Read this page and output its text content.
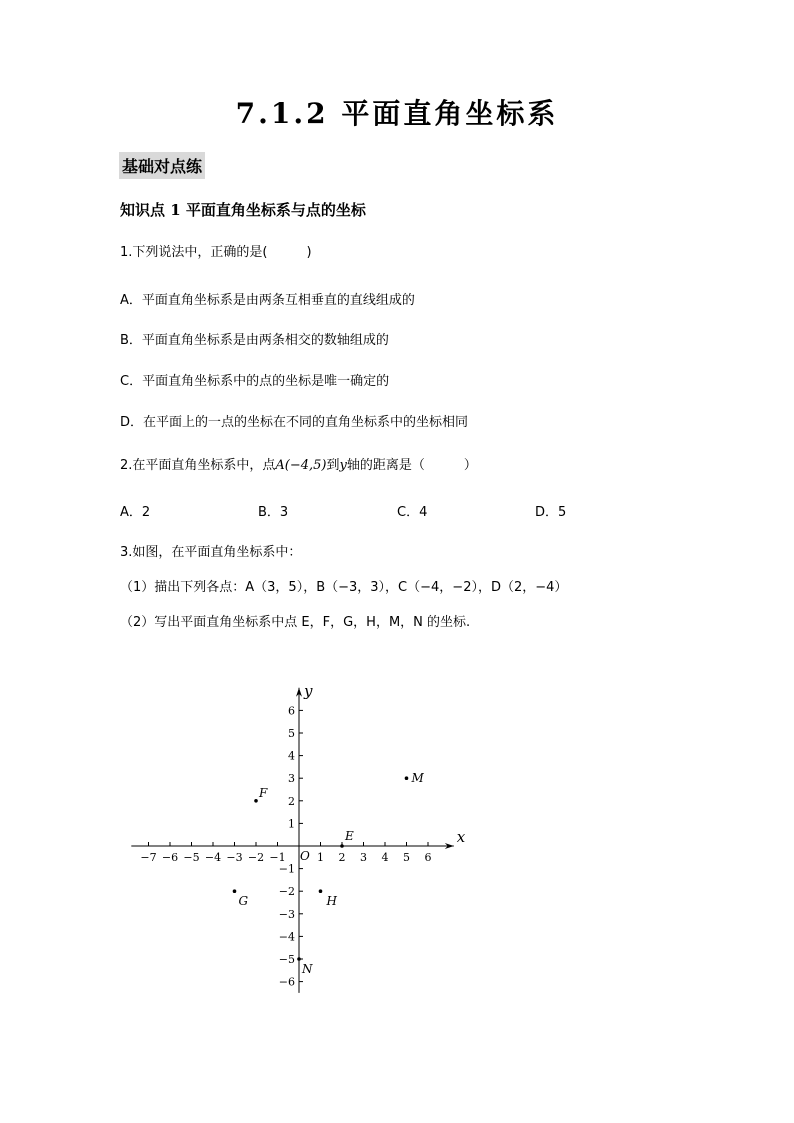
7.1.2 平面直角坐标系
基础对点练
知识点 1 平面直角坐标系与点的坐标
1.下列说法中，正确的是(　　　)
A．平面直角坐标系是由两条互相垂直的直线组成的
B．平面直角坐标系是由两条相交的数轴组成的
C．平面直角坐标系中的点的坐标是唯一确定的
D．在平面上的一点的坐标在不同的直角坐标系中的坐标相同
2.在平面直角坐标系中，点A(−4,5)到y轴的距离是（　　　）
A．2	B．3	C．4	D．5
3.如图，在平面直角坐标系中：
（1）描出下列各点：A（3，5），B（−3，3），C（−4，−2），D（2，−4）
（2）写出平面直角坐标系中点 E，F，G，H，M，N 的坐标.
x
y
O
−7 −6 −5 −4 −3 −2 −1	1 2 3 4 5 6
−6
−5
−4
−3
−2
−1
1
2
3
4
5
6
E
F
G	H
M
N
